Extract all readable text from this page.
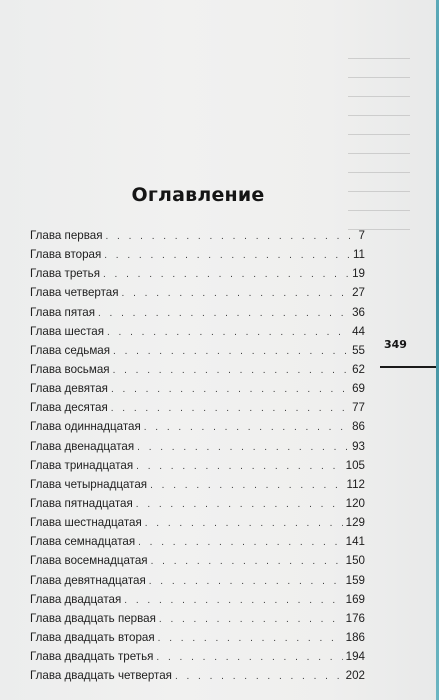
Оглавление
Глава первая . . .	7
Глава вторая . . .	11
Глава третья . . .	19
Глава четвертая . . .	27
Глава пятая . . .	36
Глава шестая . . .	44
Глава седьмая . . .	55
Глава восьмая . . .	62
Глава девятая . . .	69
Глава десятая . . .	77
Глава одиннадцатая . . .	86
Глава двенадцатая . . .	93
Глава тринадцатая . . .	105
Глава четырнадцатая . . .	112
Глава пятнадцатая . . .	120
Глава шестнадцатая . . .	129
Глава семнадцатая . . .	141
Глава восемнадцатая . . .	150
Глава девятнадцатая . . .	159
Глава двадцатая . . .	169
Глава двадцать первая . . .	176
Глава двадцать вторая . . .	186
Глава двадцать третья . . .	194
Глава двадцать четвертая . . .	202
349
